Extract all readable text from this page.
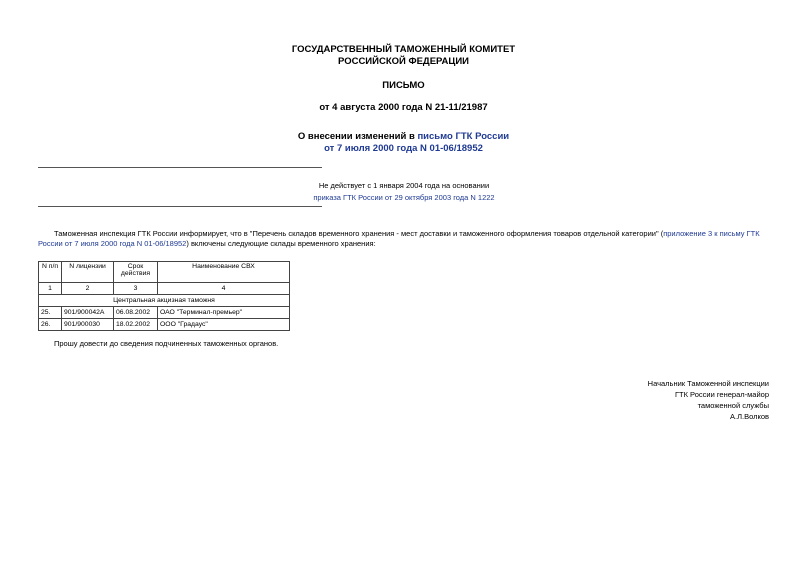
ГОСУДАРСТВЕННЫЙ ТАМОЖЕННЫЙ КОМИТЕТ
РОССИЙСКОЙ ФЕДЕРАЦИИ
ПИСЬМО
от 4 августа 2000 года N 21-11/21987
О внесении изменений в письмо ГТК России
от 7 июля 2000 года N 01-06/18952
Не действует с 1 января 2004 года на основании
приказа ГТК России от 29 октября 2003 года N 1222
Таможенная инспекция ГТК России информирует, что в "Перечень складов временного хранения - мест доставки и таможенного оформления товаров отдельной категории" (приложение 3 к письму ГТК России от 7 июля 2000 года N 01-06/18952) включены следующие склады временного хранения:
N п/п	N лицензии	Срок действия	Наименование СВХ
1	2	3	4
Центральная акцизная таможня			
25.	901/900042А	06.08.2002	ОАО "Терминал-премьер"
26.	901/900030	18.02.2002	ООО "Градаус"
Прошу довести до сведения подчиненных таможенных органов.
Начальник Таможенной инспекции
ГТК России генерал-майор
таможенной службы
А.Л.Волков
